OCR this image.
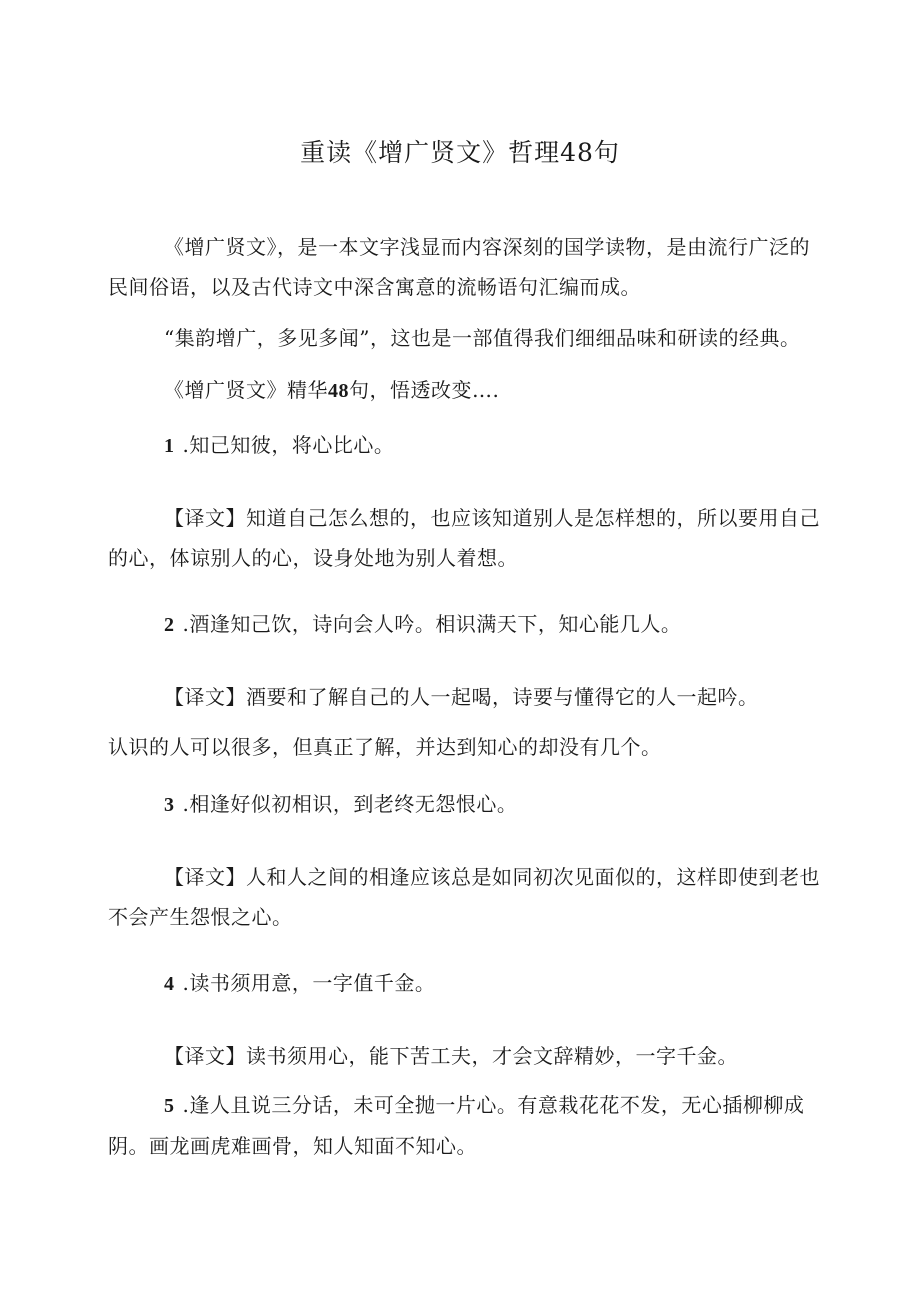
重读《增广贤文》哲理48句

《增广贤文》，是一本文字浅显而内容深刻的国学读物，是由流行广泛的民间俗语，以及古代诗文中深含寓意的流畅语句汇编而成。

“集韵增广，多见多闻”，这也是一部值得我们细细品味和研读的经典。

《增广贤文》精华48句，悟透改变….

1 .知己知彼，将心比心。

【译文】知道自己怎么想的，也应该知道别人是怎样想的，所以要用自己的心，体谅别人的心，设身处地为别人着想。

2 .酒逢知己饮，诗向会人吟。相识满天下，知心能几人。

【译文】酒要和了解自己的人一起喝，诗要与懂得它的人一起吟。

认识的人可以很多，但真正了解，并达到知心的却没有几个。

3 .相逢好似初相识，到老终无怨恨心。

【译文】人和人之间的相逢应该总是如同初次见面似的，这样即使到老也不会产生怨恨之心。

4 .读书须用意，一字值千金。

【译文】读书须用心，能下苦工夫，才会文辞精妙，一字千金。

5 .逢人且说三分话，未可全抛一片心。有意栽花花不发，无心插柳柳成阴。画龙画虎难画骨，知人知面不知心。
